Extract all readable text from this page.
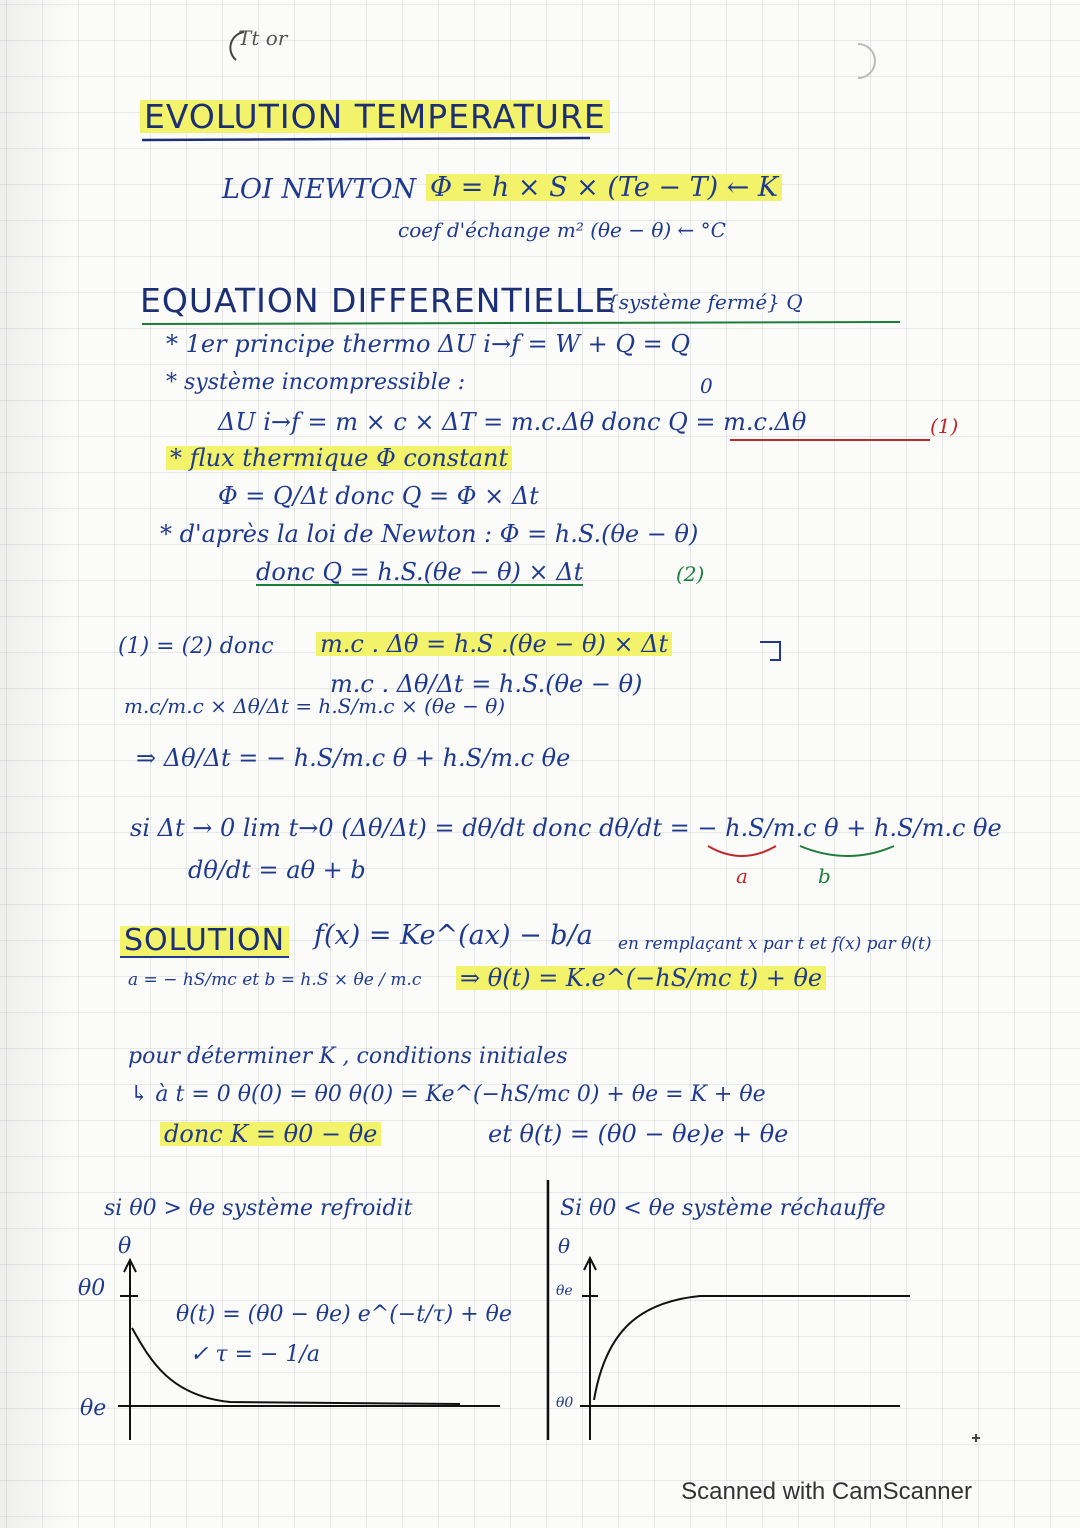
Tt or
EVOLUTION TEMPERATURE
LOI NEWTON Φ = h × S × (Te − T) ← K
coef d'échange m² (θe − θ) ← °C
EQUATION DIFFERENTIELLE
{système fermé} Q
* 1er principe thermo ΔU i→f = W + Q = Q
0
* système incompressible :
ΔU i→f = m × c × ΔT = m.c.Δθ donc Q = m.c.Δθ	(1)
* flux thermique Φ constant
Φ = Q/Δt donc Q = Φ × Δt
* d'après la loi de Newton : Φ = h.S.(θe − θ)
donc Q = h.S.(θe − θ) × Δt	(2)
(1) = (2) donc m.c . Δθ = h.S .(θe − θ) × Δt
m.c . Δθ/Δt = h.S.(θe − θ)
m.c/m.c × Δθ/Δt = h.S/m.c × (θe − θ)
⇒ Δθ/Δt = − h.S/m.c θ + h.S/m.c θe
si Δt → 0 lim t→0 (Δθ/Δt) = dθ/dt donc dθ/dt = − h.S/m.c θ + h.S/m.c θe
a	b
dθ/dt = aθ + b
SOLUTION f(x) = Ke^(ax) − b/a en remplaçant x par t et f(x) par θ(t)
a = − hS/mc et b = h.S × θe / m.c ⇒ θ(t) = K.e^(−hS/mc t) + θe
pour déterminer K , conditions initiales
↳ à t = 0 θ(0) = θ0 θ(0) = Ke^(−hS/mc 0) + θe = K + θe
donc K = θ0 − θe	et θ(t) = (θ0 − θe)e + θe
si θ0 > θe système refroidit	Si θ0 < θe système réchauffe
θ
θ0
θe
θ(t) = (θ0 − θe) e^(−t/τ) + θe
✓ τ = − 1/a
θ
θe
θ0
Scanned with CamScanner
